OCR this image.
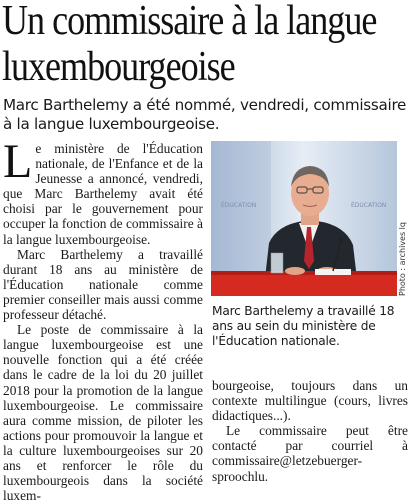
Un commissaire à la langue luxembourgeoise

Marc Barthelemy a été nommé, vendredi, commissaire à la langue luxembourgeoise.

Le ministère de l'Éducation nationale, de l'Enfance et de la Jeunesse a annoncé, vendredi, que Marc Barthelemy avait été choisi par le gouvernement pour occuper la fonction de commissaire à la langue luxembourgeoise.

Marc Barthelemy a travaillé durant 18 ans au ministère de l'Éducation nationale comme premier conseiller mais aussi comme professeur détaché.

Le poste de commissaire à la langue luxembourgeoise est une nouvelle fonction qui a été créée dans le cadre de la loi du 20 juillet 2018 pour la promotion de la langue luxembourgeoise. Le commissaire aura comme mission, de piloter les actions pour promouvoir la langue et la culture luxembourgeoises sur 20 ans et renforcer le rôle du luxembourgeois dans la société luxem-

ÉDUCATION	ÉDUCATION
Photo : archives lq

Marc Barthelemy a travaillé 18 ans au sein du ministère de l'Éducation nationale.

bourgeoise, toujours dans un contexte multilingue (cours, livres didactiques...).

Le commissaire peut être contacté par courriel à commissaire@letzebuerger-sproochlu.
